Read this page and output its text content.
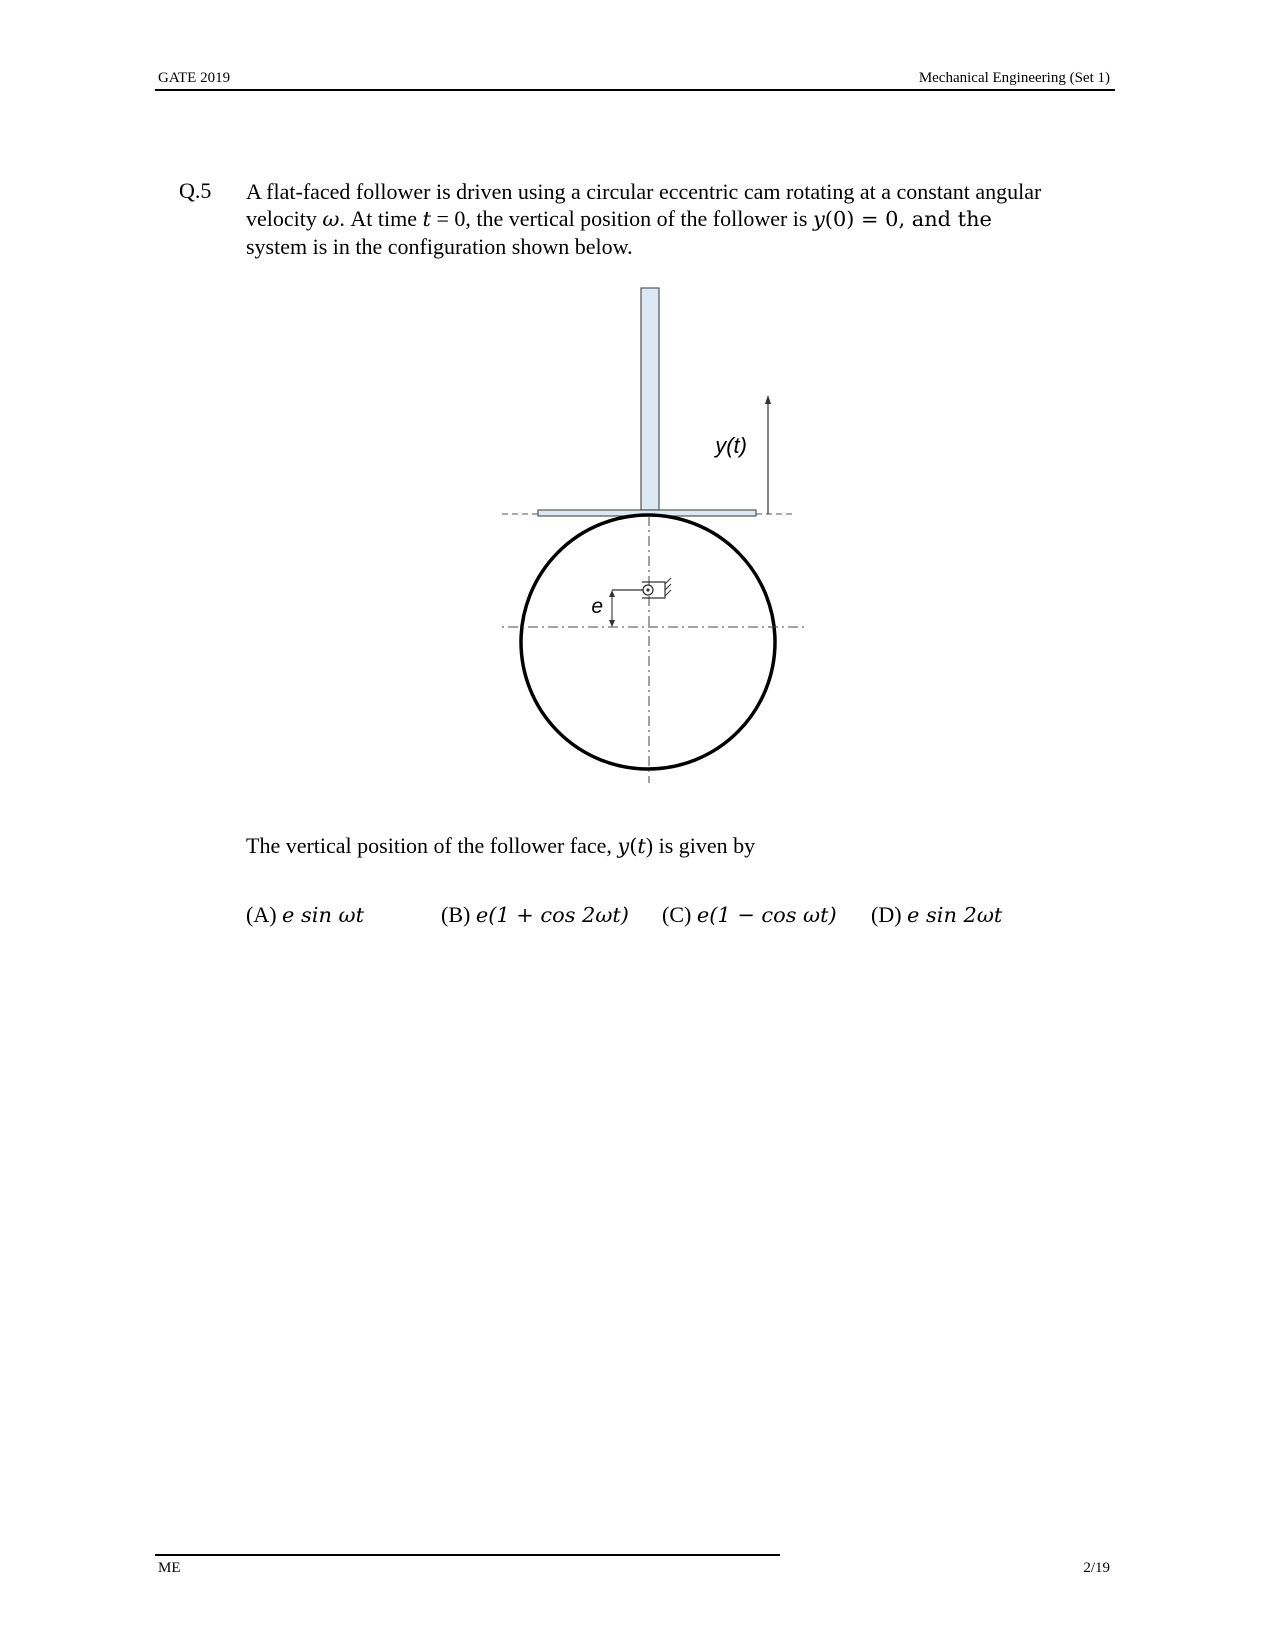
GATE 2019	Mechanical Engineering (Set 1)
Q.5 A flat-faced follower is driven using a circular eccentric cam rotating at a constant angular
velocity ω. At time t = 0, the vertical position of the follower is y(0) = 0, and the
system is in the configuration shown below.
y(t)
e
The vertical position of the follower face, y(t) is given by
(A) e sin ωt	(B) e(1 + cos 2ωt) (C) e(1 − cos ωt) (D) e sin 2ωt
ME	2/19
